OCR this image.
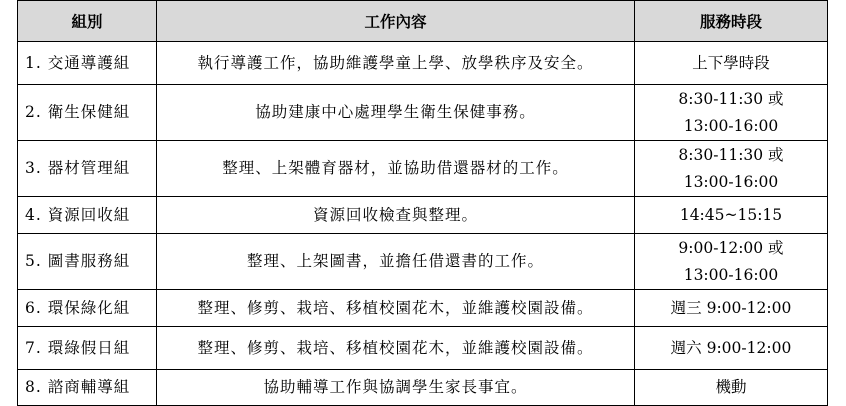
組別	工作內容	服務時段
1. 交通導護組	執行導護工作，協助維護學童上學、放學秩序及安全。	上下學時段

2. 衛生保健組	協助建康中心處理學生衛生保健事務。	8:30-11:30 或
13:00-16:00

3. 器材管理組	整理、上架體育器材，並協助借還器材的工作。	8:30-11:30 或
13:00-16:00

4. 資源回收組	資源回收檢查與整理。	14:45~15:15

5. 圖書服務組	整理、上架圖書，並擔任借還書的工作。	9:00-12:00 或
13:00-16:00

6. 環保綠化組	整理、修剪、栽培、移植校園花木，並維護校園設備。	週三 9:00-12:00

7. 環綠假日組	整理、修剪、栽培、移植校園花木，並維護校園設備。	週六 9:00-12:00

8. 諮商輔導組	協助輔導工作與協調學生家長事宜。	機動
